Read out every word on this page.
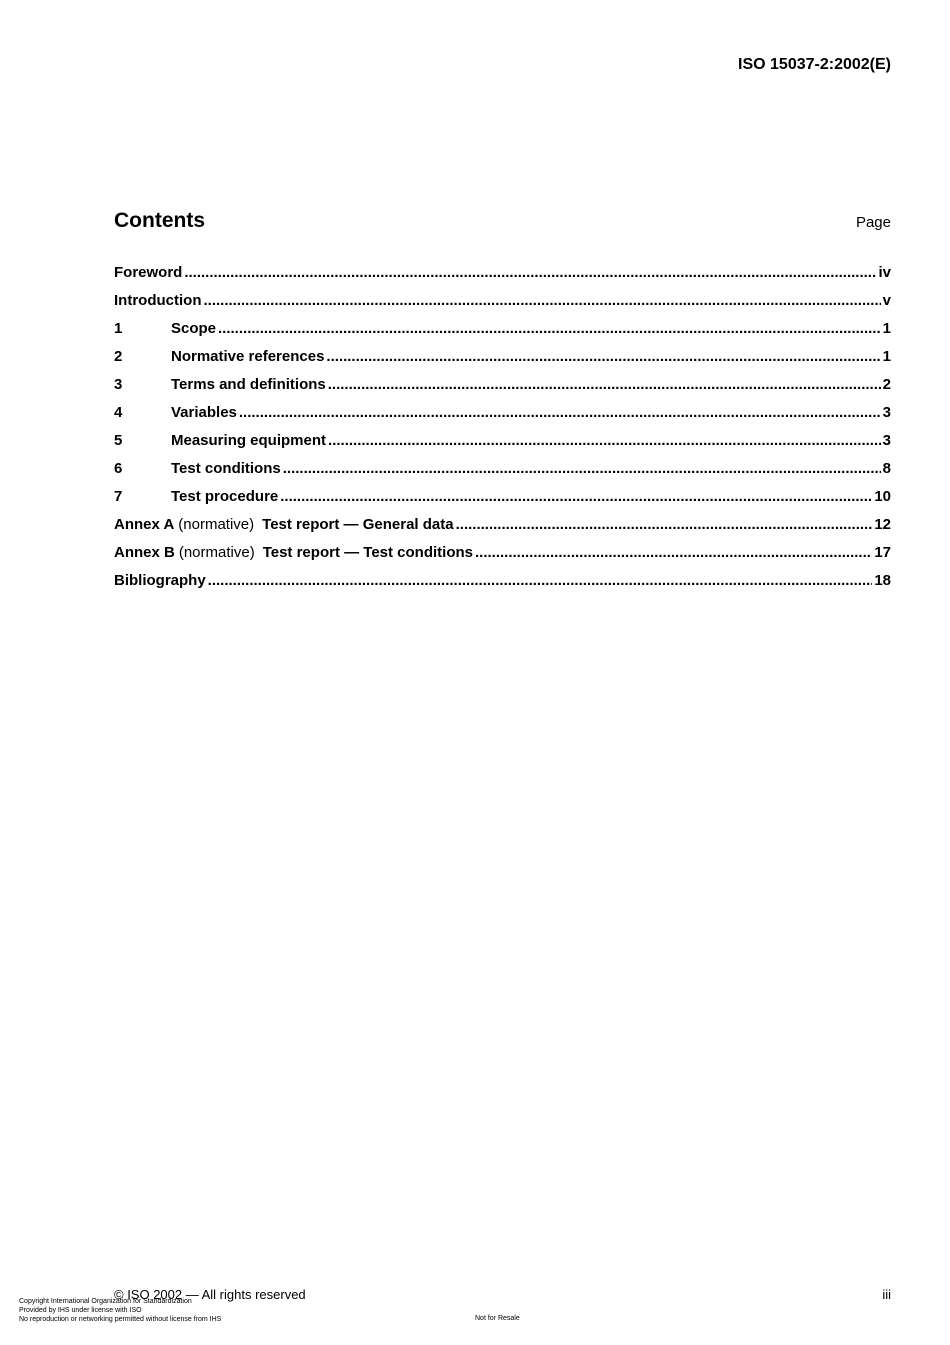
ISO 15037-2:2002(E)
Contents	Page
Foreword .....	iv
Introduction .....	v
1	Scope .....	1
2	Normative references .....	1
3	Terms and definitions .....	2
4	Variables .....	3
5	Measuring equipment .....	3
6	Test conditions .....	8
7	Test procedure .....	10
Annex A (normative) Test report — General data .....	12
Annex B (normative) Test report — Test conditions .....	17
Bibliography .....	18
© ISO 2002 — All rights reserved	iii
Copyright International Organization for Standardization
Provided by IHS under license with ISO
No reproduction or networking permitted without license from IHS	Not for Resale
